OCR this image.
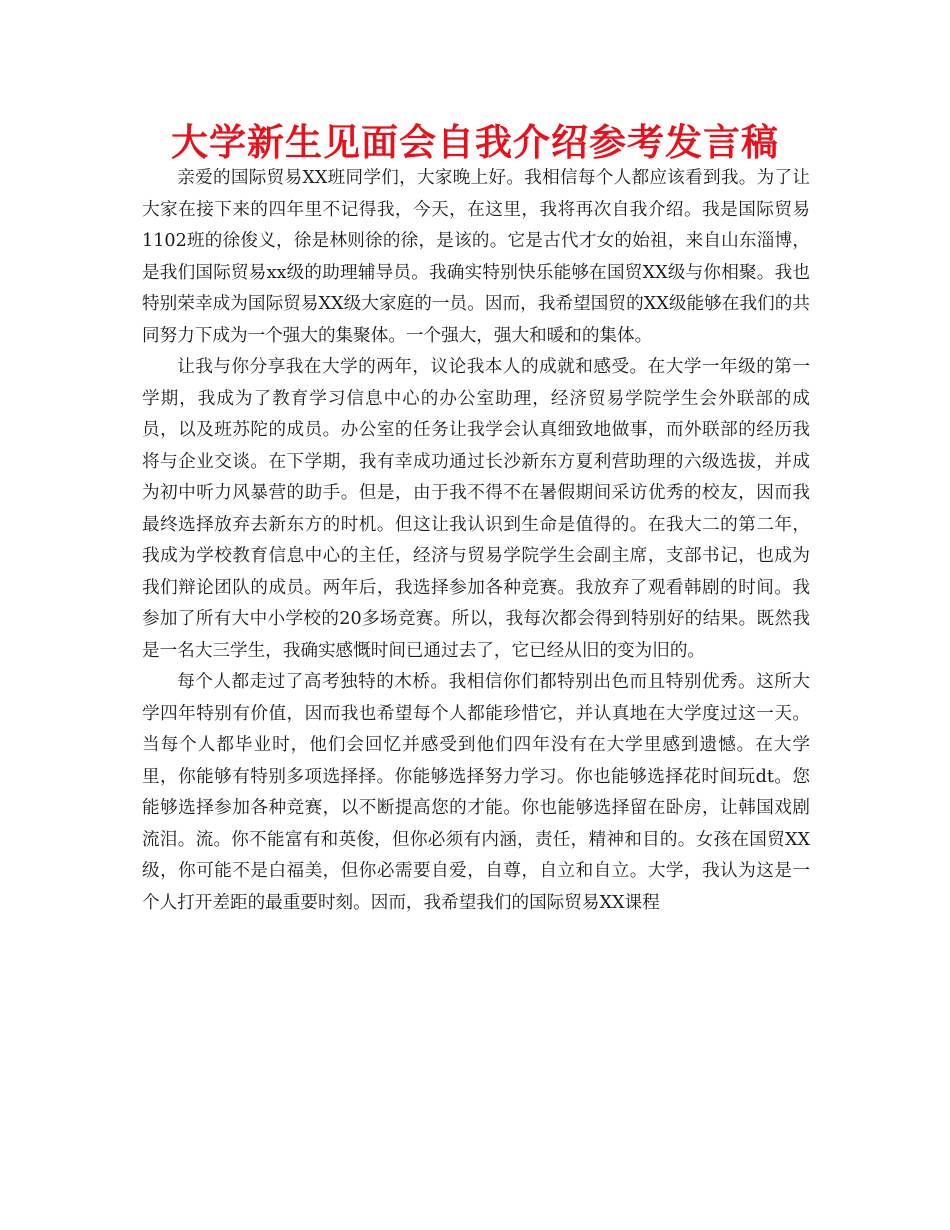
大学新生见面会自我介绍参考发言稿

亲爱的国际贸易XX班同学们，大家晚上好。我相信每个人都应该看到我。为了让大家在接下来的四年里不记得我，今天，在这里，我将再次自我介绍。我是国际贸易1102班的徐俊义，徐是林则徐的徐，是该的。它是古代才女的始祖，来自山东淄博，是我们国际贸易xx级的助理辅导员。我确实特别快乐能够在国贸XX级与你相聚。我也特别荣幸成为国际贸易XX级大家庭的一员。因而，我希望国贸的XX级能够在我们的共同努力下成为一个强大的集聚体。一个强大，强大和暖和的集体。

让我与你分享我在大学的两年，议论我本人的成就和感受。在大学一年级的第一学期，我成为了教育学习信息中心的办公室助理，经济贸易学院学生会外联部的成员，以及班苏陀的成员。办公室的任务让我学会认真细致地做事，而外联部的经历我将与企业交谈。在下学期，我有幸成功通过长沙新东方夏利营助理的六级选拔，并成为初中听力风暴营的助手。但是，由于我不得不在暑假期间采访优秀的校友，因而我最终选择放弃去新东方的时机。但这让我认识到生命是值得的。在我大二的第二年，我成为学校教育信息中心的主任，经济与贸易学院学生会副主席，支部书记，也成为我们辩论团队的成员。两年后，我选择参加各种竞赛。我放弃了观看韩剧的时间。我参加了所有大中小学校的20多场竞赛。所以，我每次都会得到特别好的结果。既然我是一名大三学生，我确实感慨时间已通过去了，它已经从旧的变为旧的。

每个人都走过了高考独特的木桥。我相信你们都特别出色而且特别优秀。这所大学四年特别有价值，因而我也希望每个人都能珍惜它，并认真地在大学度过这一天。当每个人都毕业时，他们会回忆并感受到他们四年没有在大学里感到遗憾。在大学里，你能够有特别多项选择择。你能够选择努力学习。你也能够选择花时间玩dt。您能够选择参加各种竞赛，以不断提高您的才能。你也能够选择留在卧房，让韩国戏剧流泪。流。你不能富有和英俊，但你必须有内涵，责任，精神和目的。女孩在国贸XX级，你可能不是白福美，但你必需要自爱，自尊，自立和自立。大学，我认为这是一个人打开差距的最重要时刻。因而，我希望我们的国际贸易XX课程
